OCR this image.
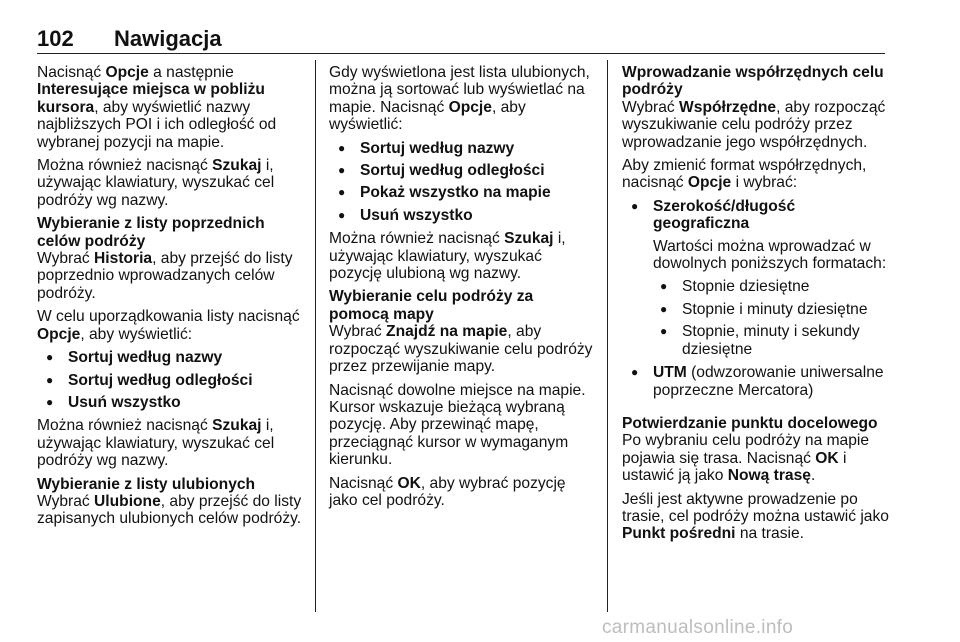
102 Nawigacja

Nacisnąć Opcje a następnie Interesujące miejsca w pobliżu kursora, aby wyświetlić nazwy najbliższych POI i ich odległość od wybranej pozycji na mapie.

Można również nacisnąć Szukaj i, używając klawiatury, wyszukać cel podróży wg nazwy.

Wybieranie z listy poprzednich celów podróży

Wybrać Historia, aby przejść do listy poprzednio wprowadzanych celów podróży.

W celu uporządkowania listy nacisnąć Opcje, aby wyświetlić:

● Sortuj według nazwy
● Sortuj według odległości
● Usuń wszystko

Można również nacisnąć Szukaj i, używając klawiatury, wyszukać cel podróży wg nazwy.

Wybieranie z listy ulubionych

Wybrać Ulubione, aby przejść do listy zapisanych ulubionych celów podróży.

Gdy wyświetlona jest lista ulubionych, można ją sortować lub wyświetlać na mapie. Nacisnąć Opcje, aby wyświetlić:

● Sortuj według nazwy
● Sortuj według odległości
● Pokaż wszystko na mapie
● Usuń wszystko

Można również nacisnąć Szukaj i, używając klawiatury, wyszukać pozycję ulubioną wg nazwy.

Wybieranie celu podróży za pomocą mapy

Wybrać Znajdź na mapie, aby rozpocząć wyszukiwanie celu podróży przez przewijanie mapy.

Nacisnąć dowolne miejsce na mapie. Kursor wskazuje bieżącą wybraną pozycję. Aby przewinąć mapę, przeciągnąć kursor w wymaganym kierunku.

Nacisnąć OK, aby wybrać pozycję jako cel podróży.

Wprowadzanie współrzędnych celu podróży

Wybrać Współrzędne, aby rozpocząć wyszukiwanie celu podróży przez wprowadzanie jego współrzędnych.

Aby zmienić format współrzędnych, nacisnąć Opcje i wybrać:

● Szerokość/długość geograficzna
Wartości można wprowadzać w dowolnych poniższych formatach:
● Stopnie dziesiętne
● Stopnie i minuty dziesiętne
● Stopnie, minuty i sekundy dziesiętne
● UTM (odwzorowanie uniwersalne poprzeczne Mercatora)
Potwierdzanie punktu docelowego

Po wybraniu celu podróży na mapie pojawia się trasa. Nacisnąć OK i ustawić ją jako Nową trasę.

Jeśli jest aktywne prowadzenie po trasie, cel podróży można ustawić jako Punkt pośredni na trasie.

carmanualsonline.info
